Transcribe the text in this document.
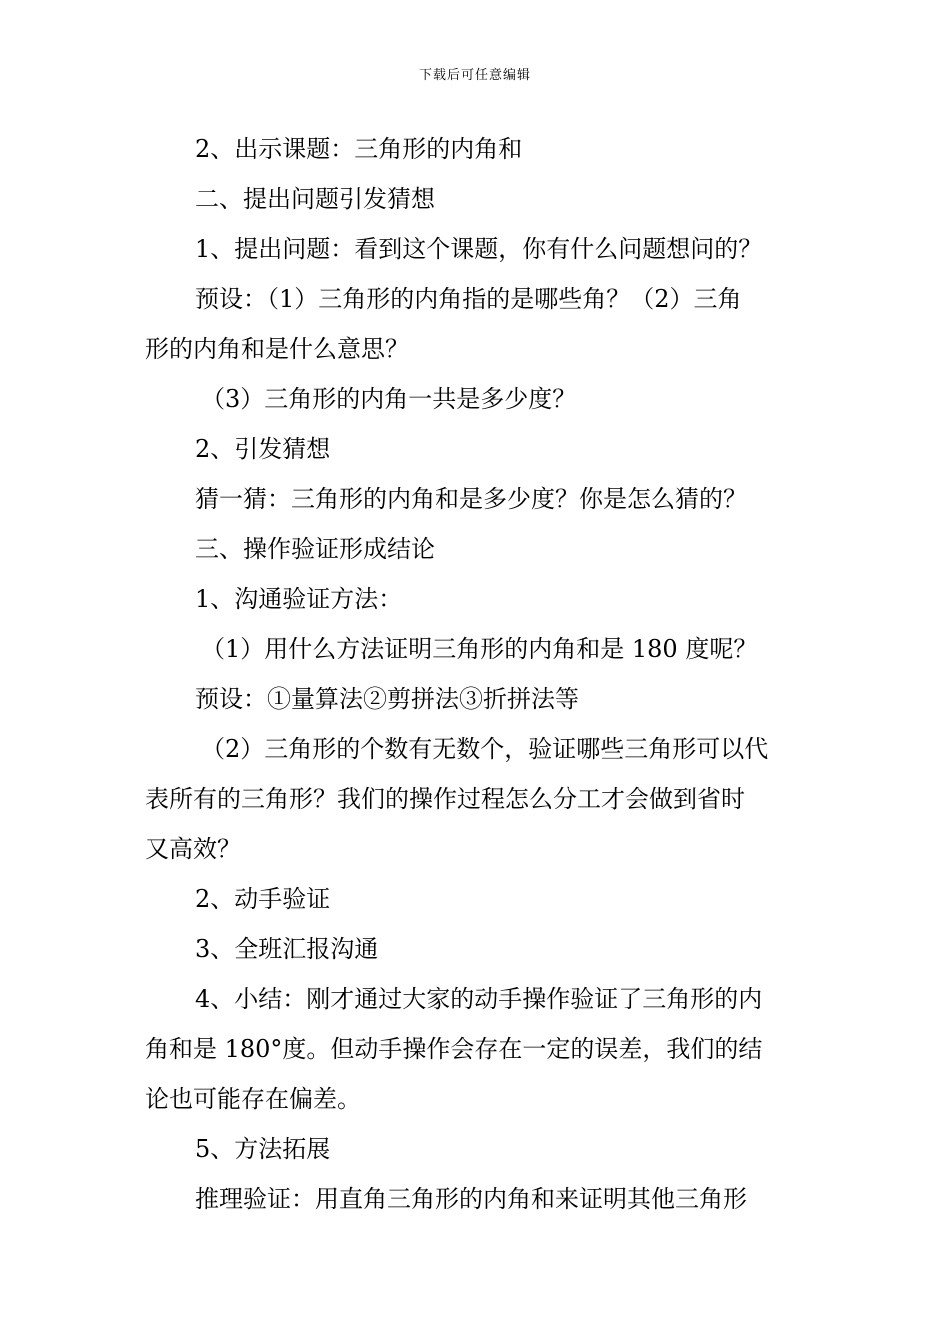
下载后可任意编辑
2、出示课题：三角形的内角和
二、提出问题引发猜想
1、提出问题：看到这个课题，你有什么问题想问的？
预设：（1）三角形的内角指的是哪些角？（2）三角
形的内角和是什么意思？
（3）三角形的内角一共是多少度？
2、引发猜想
猜一猜：三角形的内角和是多少度？你是怎么猜的？
三、操作验证形成结论
1、沟通验证方法：
（1）用什么方法证明三角形的内角和是 180 度呢？
预设：①量算法②剪拼法③折拼法等
（2）三角形的个数有无数个，验证哪些三角形可以代
表所有的三角形？我们的操作过程怎么分工才会做到省时
又高效？
2、动手验证
3、全班汇报沟通
4、小结：刚才通过大家的动手操作验证了三角形的内
角和是 180°度。但动手操作会存在一定的误差，我们的结
论也可能存在偏差。
5、方法拓展
推理验证：用直角三角形的内角和来证明其他三角形
